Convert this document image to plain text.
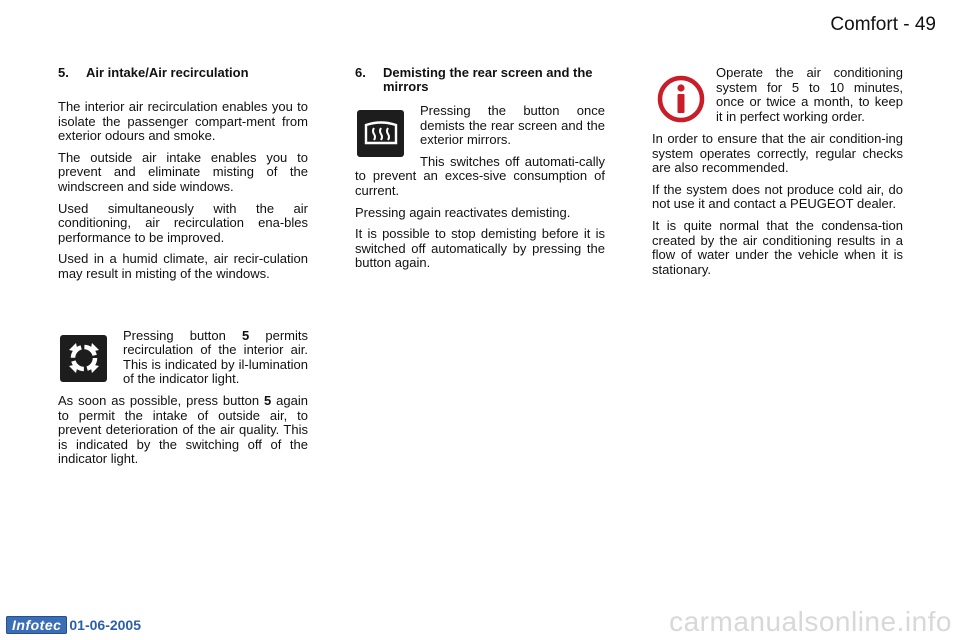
Comfort - 49
5.	Air intake/Air recirculation

The interior air recirculation enables you to isolate the passenger compart-ment from exterior odours and smoke.

The outside air intake enables you to prevent and eliminate misting of the windscreen and side windows.

Used simultaneously with the air conditioning, air recirculation ena-bles performance to be improved.

Used in a humid climate, air recir-culation may result in misting of the windows.

Pressing button 5 permits recirculation of the interior air. This is indicated by il-lumination of the indicator light.

As soon as possible, press button 5 again to permit the intake of outside air, to prevent deterioration of the air quality. This is indicated by the switching off of the indicator light.

6.	Demisting the rear screen and the mirrors

Pressing the button once demists the rear screen and the exterior mirrors.

This switches off automati-cally to prevent an exces-sive consumption of current.

Pressing again reactivates demisting.

It is possible to stop demisting before it is switched off automatically by pressing the button again.

Operate the air conditioning system for 5 to 10 minutes, once or twice a month, to keep it in perfect working order.

In order to ensure that the air condition-ing system operates correctly, regular checks are also recommended.

If the system does not produce cold air, do not use it and contact a PEUGEOT dealer.

It is quite normal that the condensa-tion created by the air conditioning results in a flow of water under the vehicle when it is stationary.

Infotec 01-06-2005	carmanualsonline.info
